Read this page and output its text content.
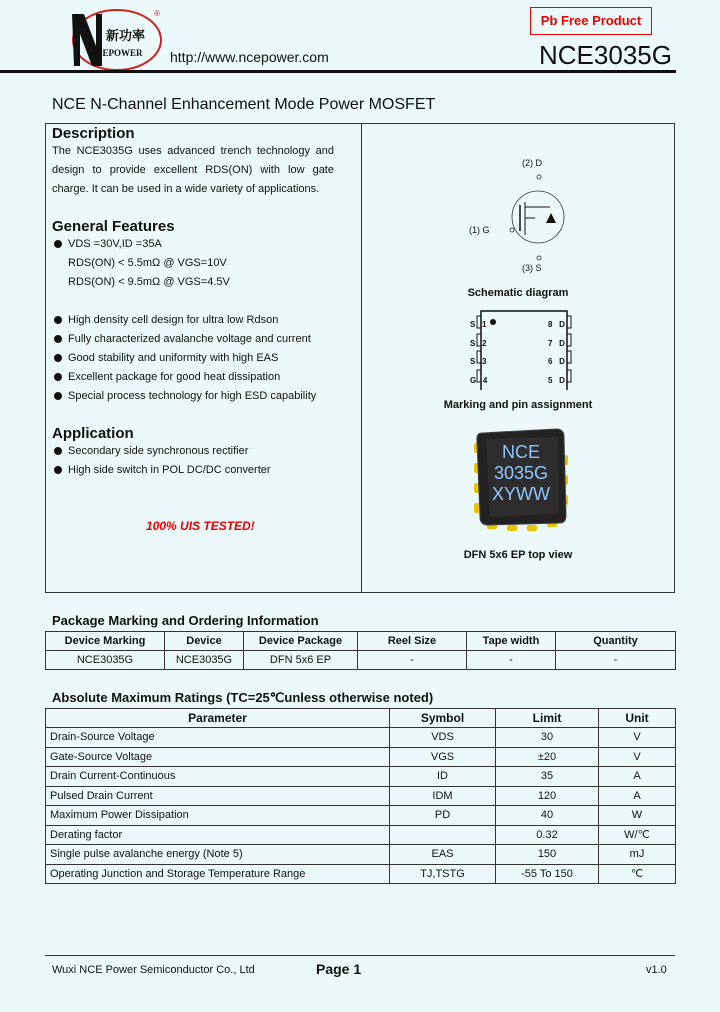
新功率
CEPOWER
®
http://www.ncepower.com
Pb Free Product
NCE3035G
NCE N-Channel Enhancement Mode Power MOSFET
Description
The NCE3035G uses advanced trench technology and design to provide excellent RDS(ON) with low gate charge. It can be used in a wide variety of applications.
General Features
VDS =30V,ID =35A
RDS(ON) < 5.5mΩ @ VGS=10V
RDS(ON) < 9.5mΩ @ VGS=4.5V
High density cell design for ultra low Rdson
Fully characterized avalanche voltage and current
Good stability and uniformity with high EAS
Excellent package for good heat dissipation
Special process technology for high ESD capability
Application
Secondary side synchronous rectifier
High side switch in POL DC/DC converter
100% UIS TESTED!
(2) D
(1) G
(3) S
Schematic diagram
S 1
S 2
S 3
G 4
8 D
7 D
6 D
5 D
Marking and pin assignment
NCE
3035G
XYWW
DFN 5x6 EP top view
Package Marking and Ordering Information
Device Marking	Device	Device Package	Reel Size	Tape width	Quantity
NCE3035G	NCE3035G	DFN 5x6 EP	-	-	-
Absolute Maximum Ratings (TC=25℃unless otherwise noted)
Parameter	Symbol	Limit	Unit
Drain-Source Voltage	VDS	30	V
Gate-Source Voltage	VGS	±20	V
Drain Current-Continuous	ID	35	A
Pulsed Drain Current	IDM	120	A
Maximum Power Dissipation	PD	40	W
Derating factor		0.32	W/℃
Single pulse avalanche energy (Note 5)	EAS	150	mJ
Operating Junction and Storage Temperature Range	TJ,TSTG	-55 To 150	℃
Wuxi NCE Power Semiconductor Co., Ltd	Page 1	v1.0
